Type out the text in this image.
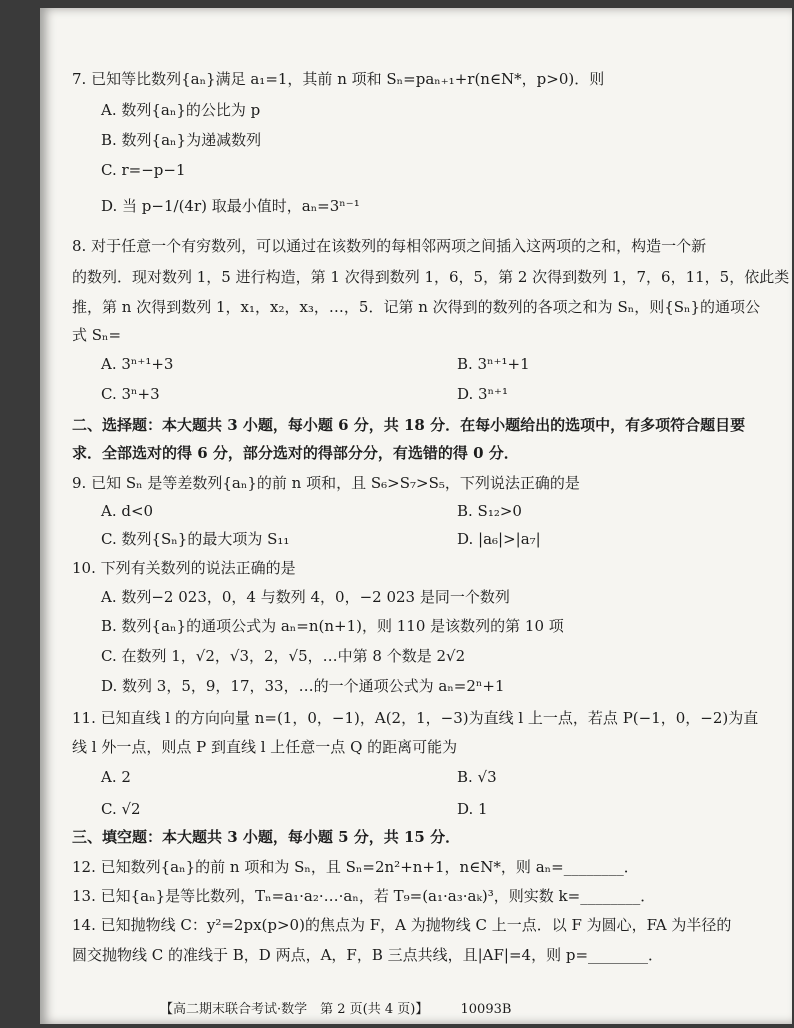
7. 已知等比数列{aₙ}满足 a₁=1，其前 n 项和 Sₙ=paₙ₊₁+r(n∈N*，p>0)．则
A. 数列{aₙ}的公比为 p
B. 数列{aₙ}为递减数列
C. r=−p−1
D. 当 p−1/(4r) 取最小值时，aₙ=3ⁿ⁻¹
8. 对于任意一个有穷数列，可以通过在该数列的每相邻两项之间插入这两项的之和，构造一个新
的数列．现对数列 1，5 进行构造，第 1 次得到数列 1，6，5，第 2 次得到数列 1，7，6，11，5，依此类
推，第 n 次得到数列 1，x₁，x₂，x₃，…，5．记第 n 次得到的数列的各项之和为 Sₙ，则{Sₙ}的通项公
式 Sₙ=
A. 3ⁿ⁺¹+3	B. 3ⁿ⁺¹+1
C. 3ⁿ+3	D. 3ⁿ⁺¹
二、选择题：本大题共 3 小题，每小题 6 分，共 18 分．在每小题给出的选项中，有多项符合题目要
求．全部选对的得 6 分，部分选对的得部分分，有选错的得 0 分．
9. 已知 Sₙ 是等差数列{aₙ}的前 n 项和，且 S₆>S₇>S₅，下列说法正确的是
A. d<0	B. S₁₂>0
C. 数列{Sₙ}的最大项为 S₁₁	D. |a₆|>|a₇|
10. 下列有关数列的说法正确的是
A. 数列−2 023，0，4 与数列 4，0，−2 023 是同一个数列
B. 数列{aₙ}的通项公式为 aₙ=n(n+1)，则 110 是该数列的第 10 项
C. 在数列 1，√2，√3，2，√5，…中第 8 个数是 2√2
D. 数列 3，5，9，17，33，…的一个通项公式为 aₙ=2ⁿ+1
11. 已知直线 l 的方向向量 n=(1，0，−1)，A(2，1，−3)为直线 l 上一点，若点 P(−1，0，−2)为直
线 l 外一点，则点 P 到直线 l 上任意一点 Q 的距离可能为
A. 2	B. √3
C. √2	D. 1
三、填空题：本大题共 3 小题，每小题 5 分，共 15 分．
12. 已知数列{aₙ}的前 n 项和为 Sₙ，且 Sₙ=2n²+n+1，n∈N*，则 aₙ=________．
13. 已知{aₙ}是等比数列，Tₙ=a₁·a₂·…·aₙ，若 T₉=(a₁·a₃·aₖ)³，则实数 k=________．
14. 已知抛物线 C：y²=2px(p>0)的焦点为 F，A 为抛物线 C 上一点．以 F 为圆心，FA 为半径的
圆交抛物线 C 的准线于 B，D 两点，A，F，B 三点共线，且|AF|=4，则 p=________．
【高二期末联合考试·数学　第 2 页(共 4 页)】 10093B
